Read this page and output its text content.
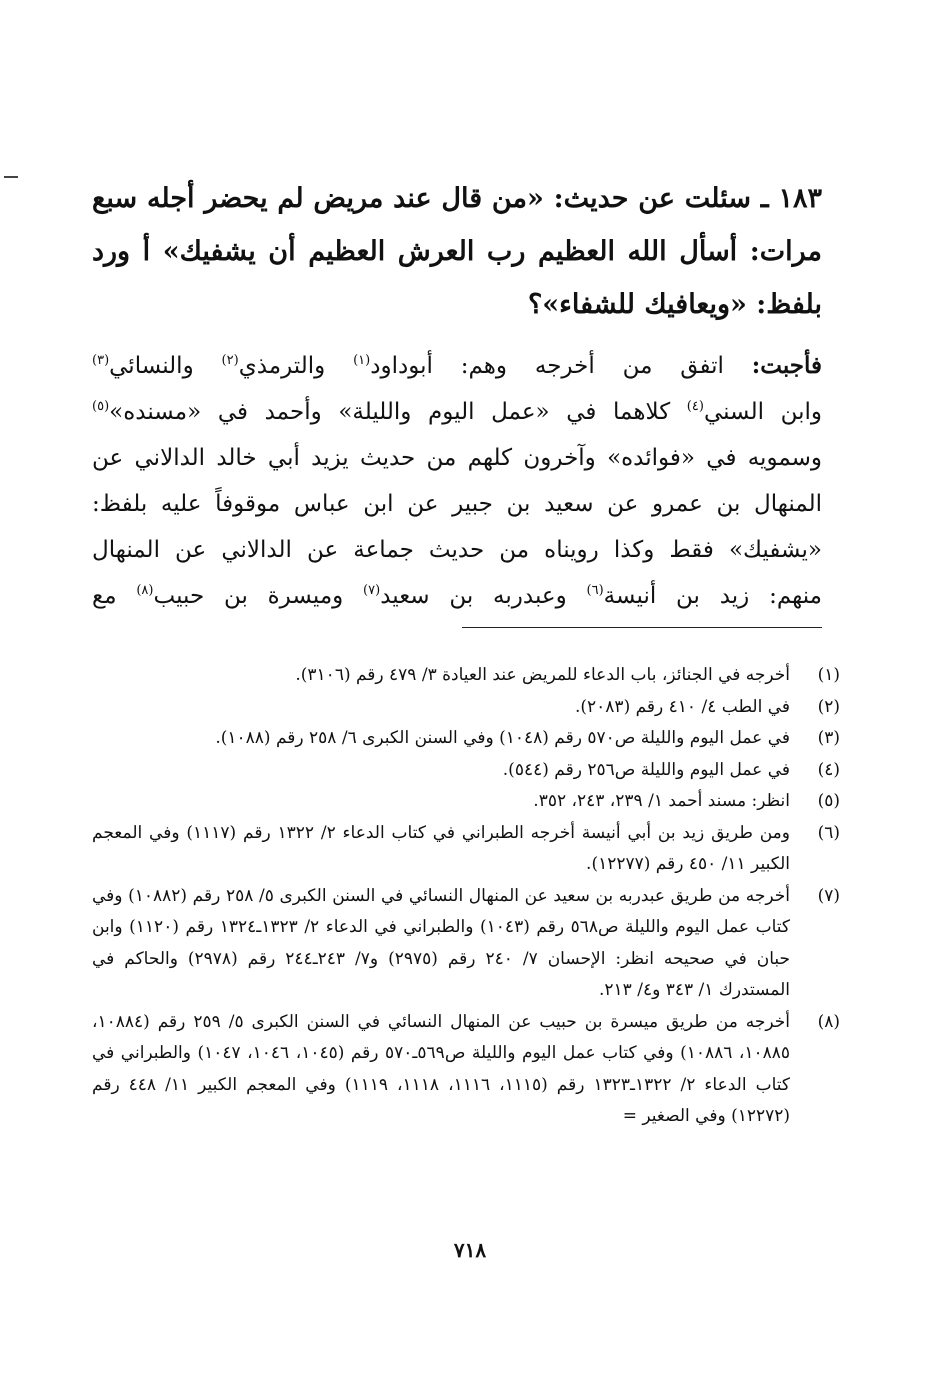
١٨٣ ـ سئلت عن حديث: «من قال عند مريض لم يحضر أجله سبع مرات: أسأل الله العظيم رب العرش العظيم أن يشفيك» أ ورد بلفظ: «ويعافيك للشفاء»؟
فأجبت: اتفق من أخرجه وهم: أبوداود$^{(١)}$ والترمذي$^{(٢)}$ والنسائي$^{(٣)}$
وابن السني$^{(٤)}$ كلاهما في «عمل اليوم والليلة» وأحمد في «مسنده»$^{(٥)}$
وسمويه في «فوائده» وآخرون كلهم من حديث يزيد أبي خالد الدالاني عن
المنهال بن عمرو عن سعيد بن جبير عن ابن عباس موقوفاً عليه بلفظ:
«يشفيك» فقط وكذا رويناه من حديث جماعة عن الدالاني عن المنهال
منهم: زيد بن أنيسة$^{(٦)}$ وعبدربه بن سعيد$^{(٧)}$ وميسرة بن حبيب$^{(٨)}$ مع
(١)
أخرجه في الجنائز، باب الدعاء للمريض عند العيادة ٣/ ٤٧٩ رقم (٣١٠٦).
(٢)
في الطب ٤/ ٤١٠ رقم (٢٠٨٣).
(٣)
في عمل اليوم والليلة ص٥٧٠ رقم (١٠٤٨) وفي السنن الكبرى ٦/ ٢٥٨ رقم (١٠٨٨).
(٤)
في عمل اليوم والليلة ص٢٥٦ رقم (٥٤٤).
(٥)
انظر: مسند أحمد ١/ ٢٣٩، ٢٤٣، ٣٥٢.
(٦)
ومن طريق زيد بن أبي أنيسة أخرجه الطبراني في كتاب الدعاء ٢/ ١٣٢٢ رقم (١١١٧) وفي المعجم الكبير ١١/ ٤٥٠ رقم (١٢٢٧٧).
(٧)
أخرجه من طريق عبدربه بن سعيد عن المنهال النسائي في السنن الكبرى ٥/ ٢٥٨ رقم (١٠٨٨٢) وفي كتاب عمل اليوم والليلة ص٥٦٨ رقم (١٠٤٣) والطبراني في الدعاء ٢/ ١٣٢٣ـ١٣٢٤ رقم (١١٢٠) وابن حبان في صحيحه انظر: الإحسان ٧/ ٢٤٠ رقم (٢٩٧٥) و٧/ ٢٤٣ـ٢٤٤ رقم (٢٩٧٨) والحاكم في المستدرك ١/ ٣٤٣ و٤/ ٢١٣.
(٨)
أخرجه من طريق ميسرة بن حبيب عن المنهال النسائي في السنن الكبرى ٥/ ٢٥٩ رقم (١٠٨٨٤، ١٠٨٨٥، ١٠٨٨٦) وفي كتاب عمل اليوم والليلة ص٥٦٩ـ٥٧٠ رقم (١٠٤٥، ١٠٤٦، ١٠٤٧) والطبراني في كتاب الدعاء ٢/ ١٣٢٢ـ١٣٢٣ رقم (١١١٥، ١١١٦، ١١١٨، ١١١٩) وفي المعجم الكبير ١١/ ٤٤٨ رقم (١٢٢٧٢) وفي الصغير =
٧١٨
